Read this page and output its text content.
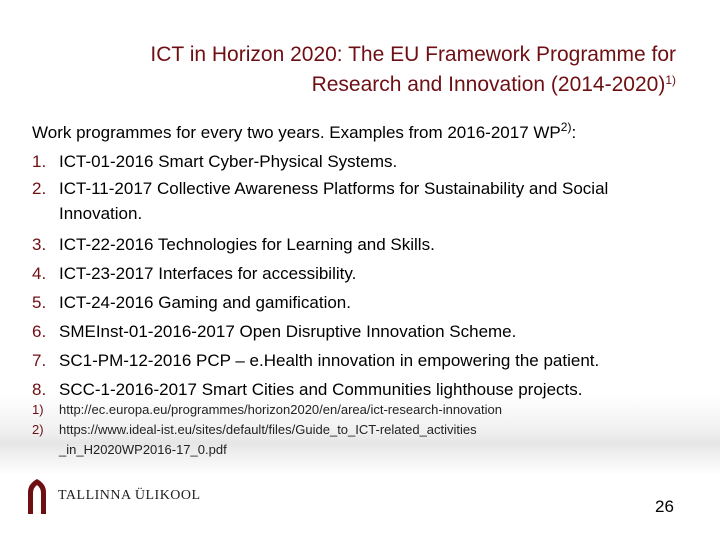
ICT in Horizon 2020: The EU Framework Programme for
Research and Innovation (2014-2020)$^{1)}$
Work programmes for every two years. Examples from 2016-2017 WP$^{2)}$:
1. ICT-01-2016 Smart Cyber-Physical Systems.
2. ICT-11-2017 Collective Awareness Platforms for Sustainability and Social Innovation.
3. ICT-22-2016 Technologies for Learning and Skills.
4. ICT-23-2017 Interfaces for accessibility.
5. ICT-24-2016 Gaming and gamification.
6. SMEInst-01-2016-2017 Open Disruptive Innovation Scheme.
7. SC1-PM-12-2016 PCP – e.Health innovation in empowering the patient.
8. SCC-1-2016-2017 Smart Cities and Communities lighthouse projects.
1) http://ec.europa.eu/programmes/horizon2020/en/area/ict-research-innovation
2) https://www.ideal-ist.eu/sites/default/files/Guide_to_ICT-related_activities_in_H2020WP2016-17_0.pdf
TALLINNA ÜLIKOOL
26
